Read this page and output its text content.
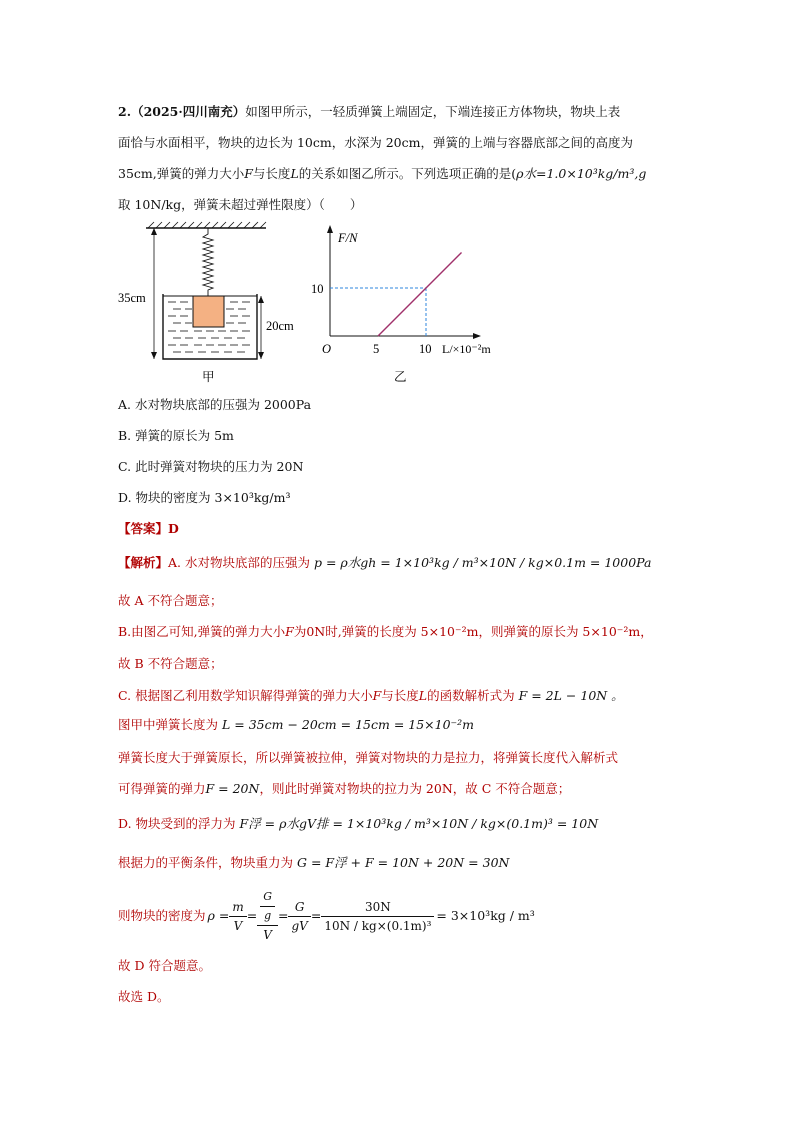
2.（2025·四川南充）如图甲所示，一轻质弹簧上端固定，下端连接正方体物块，物块上表
面恰与水面相平，物块的边长为 10cm，水深为 20cm，弹簧的上端与容器底部之间的高度为
35cm,弹簧的弹力大小F与长度L的关系如图乙所示。下列选项正确的是(ρ水=1.0×10³kg/m³,g
取 10N/kg，弹簧未超过弹性限度）（　　）
35cm
20cm
甲
F/N
L/×10⁻²m
O	5	10
10
乙
A. 水对物块底部的压强为 2000Pa
B. 弹簧的原长为 5m
C. 此时弹簧对物块的压力为 20N
D. 物块的密度为 3×10³kg/m³
【答案】D
【解析】A. 水对物块底部的压强为 p = ρ水gh = 1×10³kg / m³×10N / kg×0.1m = 1000Pa
故 A 不符合题意；
B.由图乙可知,弹簧的弹力大小F为0N时,弹簧的长度为 5×10⁻²m，则弹簧的原长为 5×10⁻²m，
故 B 不符合题意；
C. 根据图乙利用数学知识解得弹簧的弹力大小F与长度L的函数解析式为 F = 2L − 10N 。
图甲中弹簧长度为 L = 35cm − 20cm = 15cm = 15×10⁻²m
弹簧长度大于弹簧原长，所以弹簧被拉伸，弹簧对物块的力是拉力，将弹簧长度代入解析式
可得弹簧的弹力F = 20N，则此时弹簧对物块的拉力为 20N，故 C 不符合题意；
D. 物块受到的浮力为 F浮 = ρ水gV排 = 1×10³kg / m³×10N / kg×(0.1m)³ = 10N
根据力的平衡条件，物块重力为 G = F浮 + F = 10N + 20N = 30N
则物块的密度为 $\rho = \frac{m}{V} = \frac{\frac{G}{g}}{V} = \frac{G}{gV} = \frac{30N}{\text{10N / kg×(0.1m)³}} = 3\times 10^3kg / m^3$
故 D 符合题意。
故选 D。
